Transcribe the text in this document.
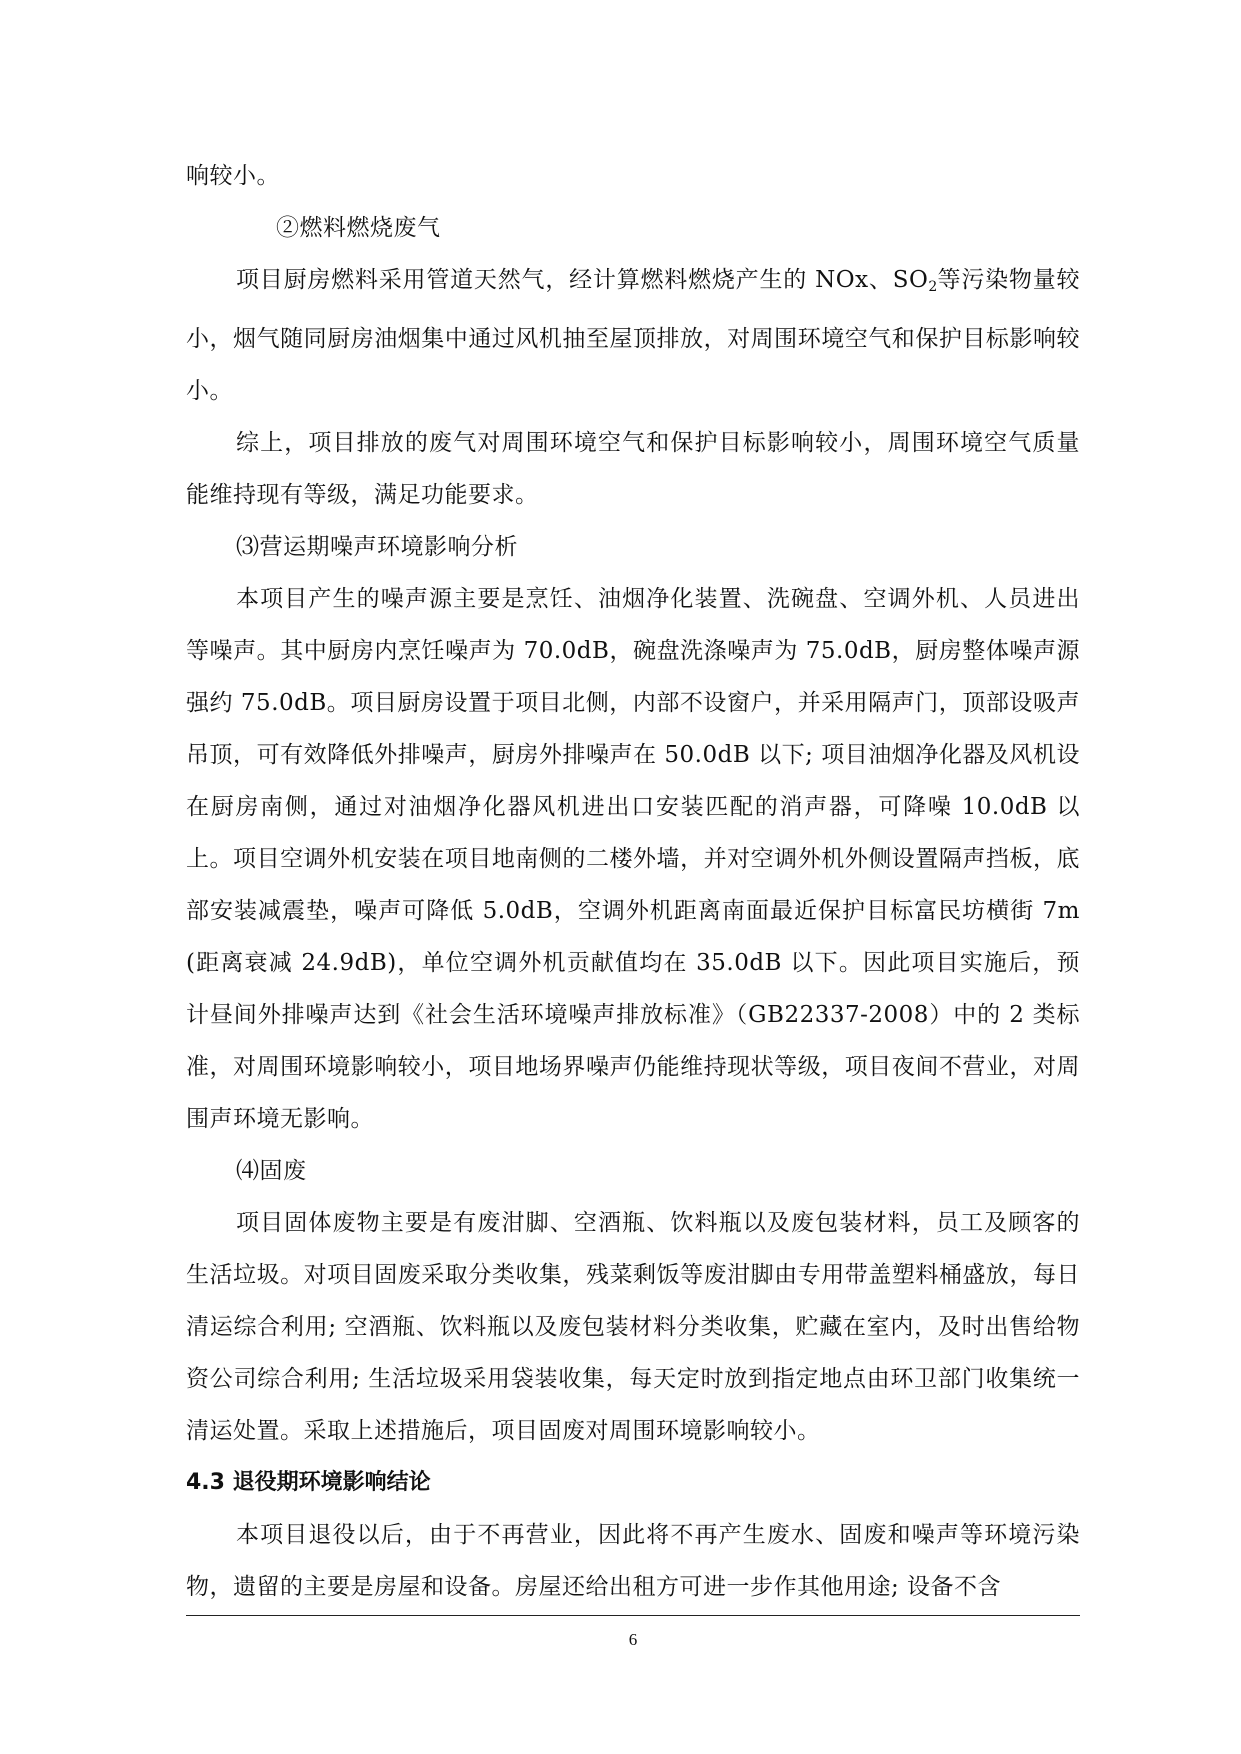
响较小。

②燃料燃烧废气

项目厨房燃料采用管道天然气，经计算燃料燃烧产生的 NOx、$SO_2$等污染物量较小，烟气随同厨房油烟集中通过风机抽至屋顶排放，对周围环境空气和保护目标影响较小。

综上，项目排放的废气对周围环境空气和保护目标影响较小，周围环境空气质量能维持现有等级，满足功能要求。

⑶营运期噪声环境影响分析

本项目产生的噪声源主要是烹饪、油烟净化装置、洗碗盘、空调外机、人员进出等噪声。其中厨房内烹饪噪声为 70.0dB，碗盘洗涤噪声为 75.0dB，厨房整体噪声源强约 75.0dB。项目厨房设置于项目北侧，内部不设窗户，并采用隔声门，顶部设吸声吊顶，可有效降低外排噪声，厨房外排噪声在 50.0dB 以下; 项目油烟净化器及风机设在厨房南侧，通过对油烟净化器风机进出口安装匹配的消声器，可降噪 10.0dB 以上。项目空调外机安装在项目地南侧的二楼外墙，并对空调外机外侧设置隔声挡板，底部安装减震垫，噪声可降低 5.0dB，空调外机距离南面最近保护目标富民坊横街 7m (距离衰减 24.9dB)，单位空调外机贡献值均在 35.0dB 以下。因此项目实施后，预计昼间外排噪声达到《社会生活环境噪声排放标准》（GB22337-2008）中的 2 类标准，对周围环境影响较小，项目地场界噪声仍能维持现状等级，项目夜间不营业，对周围声环境无影响。

⑷固废

项目固体废物主要是有废泔脚、空酒瓶、饮料瓶以及废包装材料，员工及顾客的生活垃圾。对项目固废采取分类收集，残菜剩饭等废泔脚由专用带盖塑料桶盛放，每日清运综合利用; 空酒瓶、饮料瓶以及废包装材料分类收集，贮藏在室内，及时出售给物资公司综合利用; 生活垃圾采用袋装收集，每天定时放到指定地点由环卫部门收集统一清运处置。采取上述措施后，项目固废对周围环境影响较小。

4.3 退役期环境影响结论

本项目退役以后，由于不再营业，因此将不再产生废水、固废和噪声等环境污染物，遗留的主要是房屋和设备。房屋还给出租方可进一步作其他用途; 设备不含

6
